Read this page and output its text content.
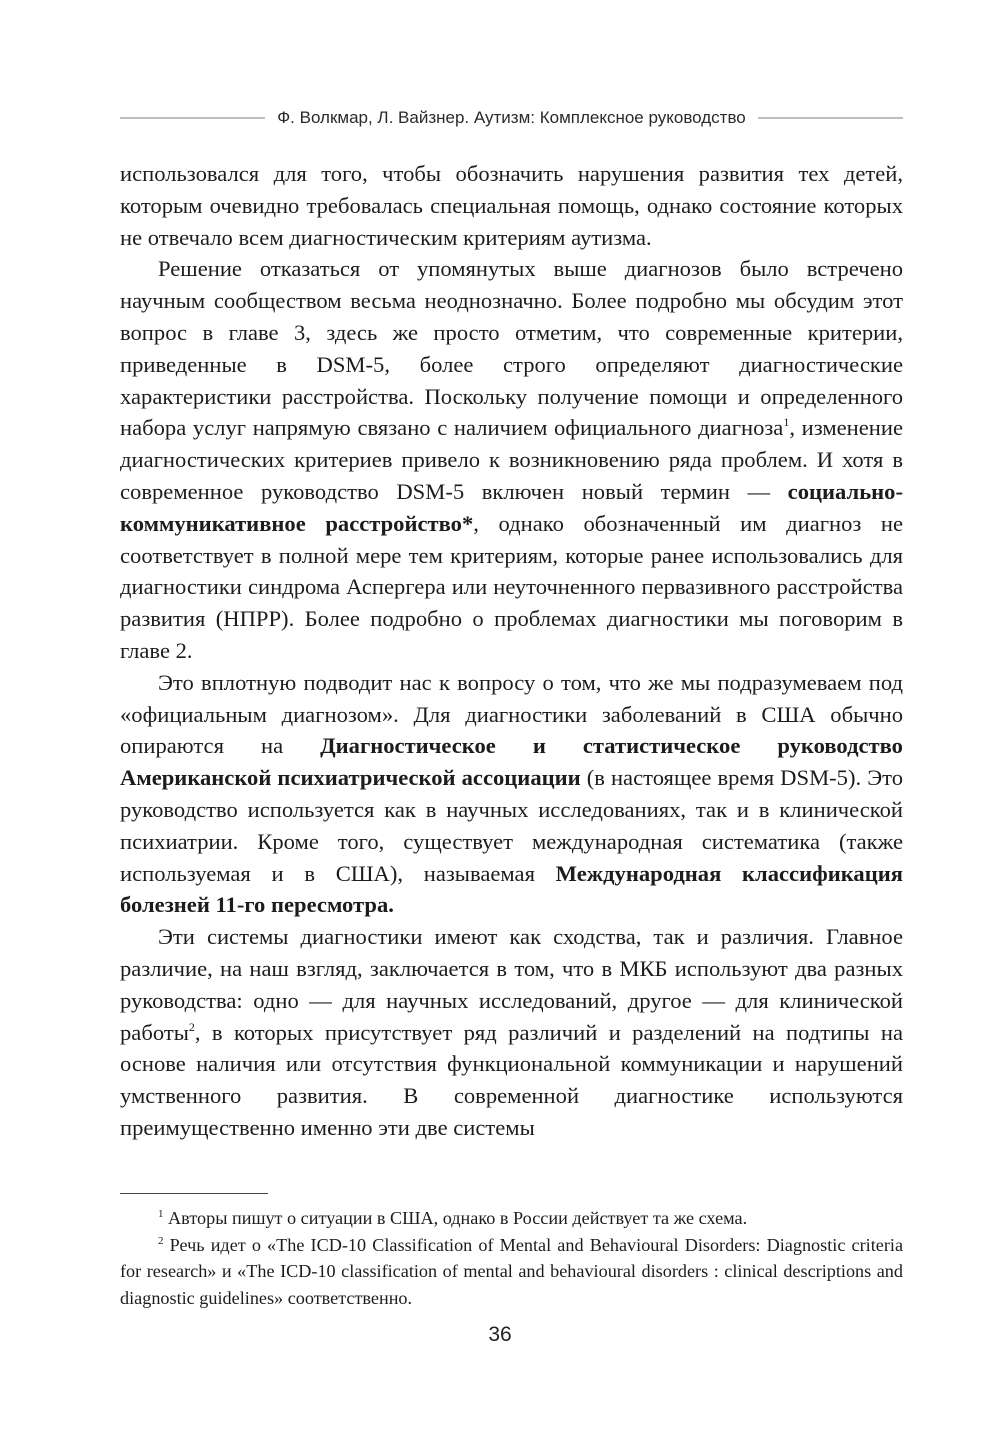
Ф. Волкмар, Л. Вайзнер. Аутизм: Комплексное руководство

использовался для того, чтобы обозначить нарушения развития тех детей, которым очевидно требовалась специальная помощь, однако состояние которых не отвечало всем диагностическим критериям аутизма.

Решение отказаться от упомянутых выше диагнозов было встречено научным сообществом весьма неоднозначно. Более подробно мы обсудим этот вопрос в главе 3, здесь же просто отметим, что современные критерии, приведенные в DSM-5, более строго определяют диагностические характеристики расстройства. Поскольку получение помощи и определенного набора услуг напрямую связано с наличием официального диагноза$^1$, изменение диагностических критериев привело к возникновению ряда проблем. И хотя в современное руководство DSM-5 включен новый термин — социально-коммуникативное расстройство*, однако обозначенный им диагноз не соответствует в полной мере тем критериям, которые ранее использовались для диагностики синдрома Аспергера или неуточненного первазивного расстройства развития (НПРР). Более подробно о проблемах диагностики мы поговорим в главе 2.

Это вплотную подводит нас к вопросу о том, что же мы подразумеваем под «официальным диагнозом». Для диагностики заболеваний в США обычно опираются на Диагностическое и статистическое руководство Американской психиатрической ассоциации (в настоящее время DSM-5). Это руководство используется как в научных исследованиях, так и в клинической психиатрии. Кроме того, существует международная систематика (также используемая и в США), называемая Международная классификация болезней 11-го пересмотра.

Эти системы диагностики имеют как сходства, так и различия. Главное различие, на наш взгляд, заключается в том, что в МКБ используют два разных руководства: одно — для научных исследований, другое — для клинической работы$^2$, в которых присутствует ряд различий и разделений на подтипы на основе наличия или отсутствия функциональной коммуникации и нарушений умственного развития. В современной диагностике используются преимущественно именно эти две системы

$^1$ Авторы пишут о ситуации в США, однако в России действует та же схема.

$^2$ Речь идет о «The ICD-10 Classification of Mental and Behavioural Disorders: Diagnostic criteria for research» и «The ICD-10 classification of mental and behavioural disorders : clinical descriptions and diagnostic guidelines» соответственно.

36
